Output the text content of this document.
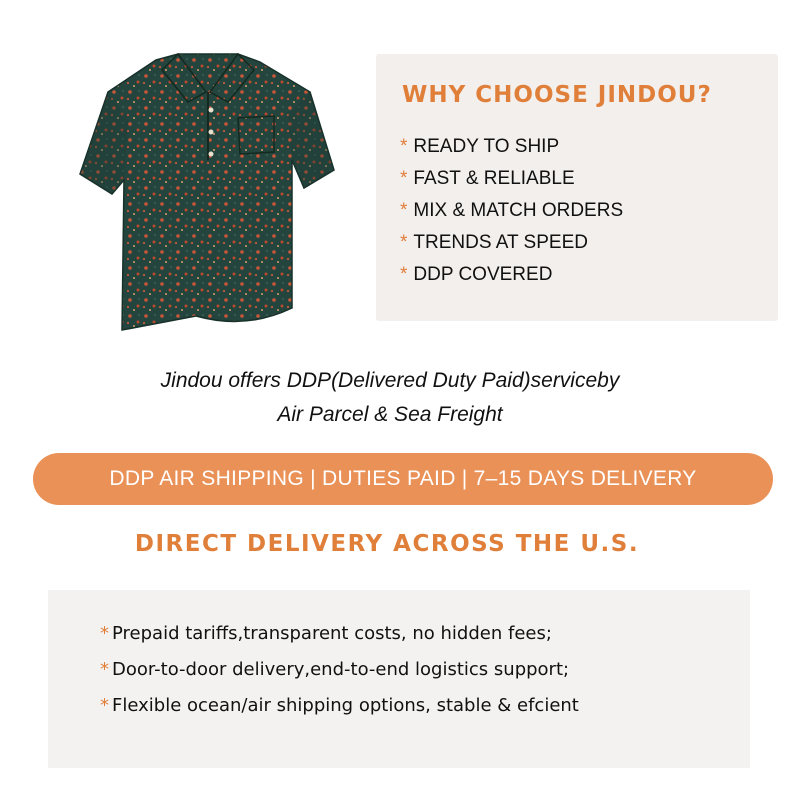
WHY CHOOSE JINDOU?
* READY TO SHIP
* FAST & RELIABLE
* MIX & MATCH ORDERS
* TRENDS AT SPEED
* DDP COVERED
Jindou offers DDP(Delivered Duty Paid)serviceby
Air Parcel & Sea Freight
DDP AIR SHIPPING | DUTIES PAID | 7–15 DAYS DELIVERY
DIRECT DELIVERY ACROSS THE U.S.
* Prepaid tariffs,transparent costs, no hidden fees;
* Door-to-door delivery,end-to-end logistics support;
* Flexible ocean/air shipping options, stable & efcient
